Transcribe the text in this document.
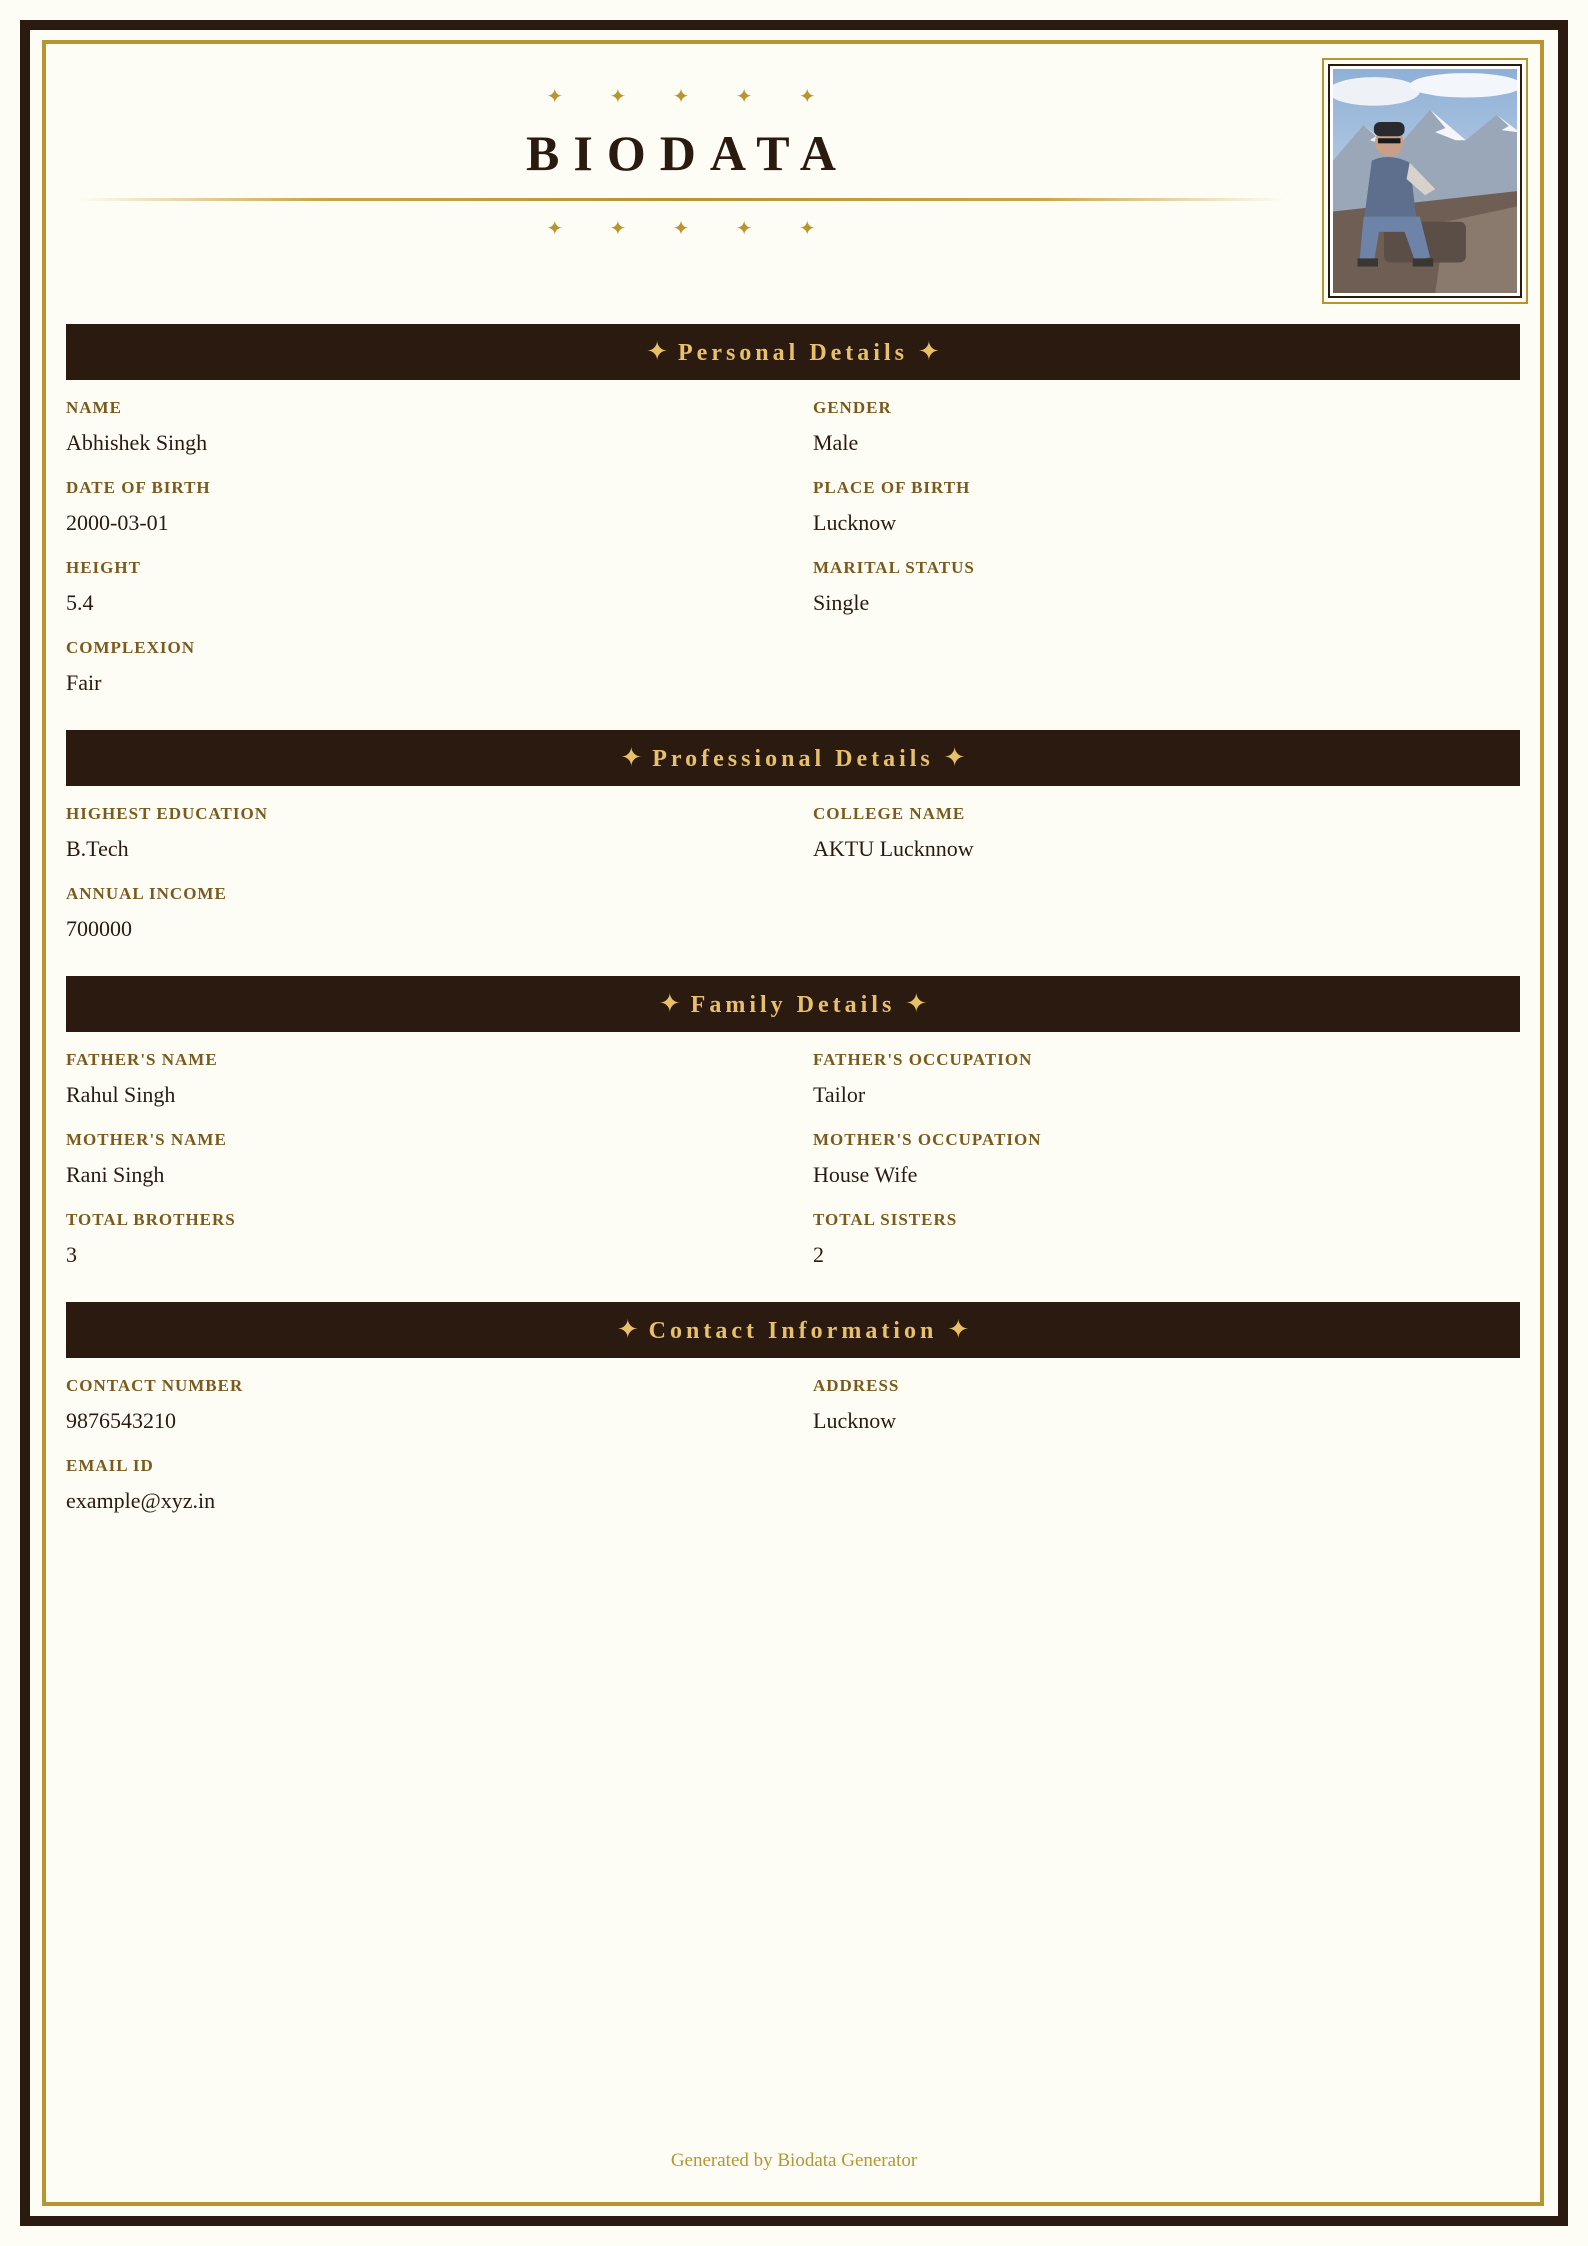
✦ ✦ ✦ ✦ ✦
BIODATA
✦ ✦ ✦ ✦ ✦
✦ Personal Details ✦
NAME
Abhishek Singh
GENDER
Male
DATE OF BIRTH
2000-03-01
PLACE OF BIRTH
Lucknow
HEIGHT
5.4
MARITAL STATUS
Single
COMPLEXION
Fair
✦ Professional Details ✦
HIGHEST EDUCATION
B.Tech
COLLEGE NAME
AKTU Lucknnow
ANNUAL INCOME
700000
✦ Family Details ✦
FATHER'S NAME
Rahul Singh
FATHER'S OCCUPATION
Tailor
MOTHER'S NAME
Rani Singh
MOTHER'S OCCUPATION
House Wife
TOTAL BROTHERS
3
TOTAL SISTERS
2
✦ Contact Information ✦
CONTACT NUMBER
9876543210
ADDRESS
Lucknow
EMAIL ID
example@xyz.in
Generated by Biodata Generator
